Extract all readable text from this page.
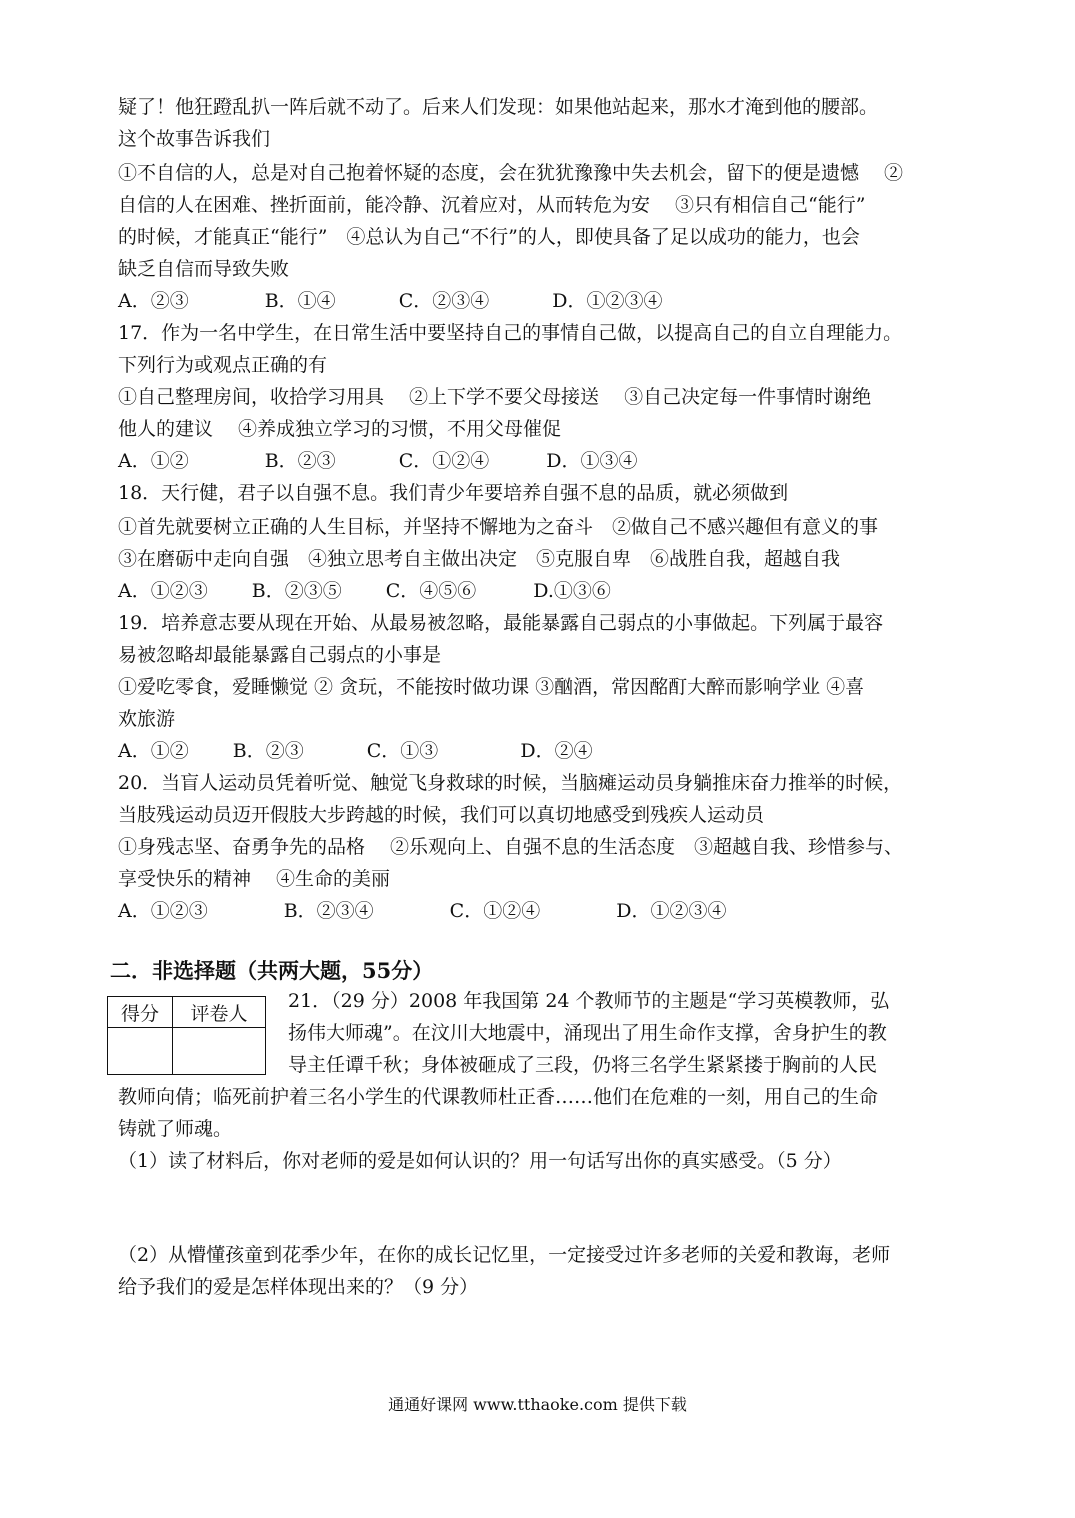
疑了！他狂蹬乱扒一阵后就不动了。后来人们发现：如果他站起来，那水才淹到他的腰部。
这个故事告诉我们
①不自信的人，总是对自己抱着怀疑的态度，会在犹犹豫豫中失去机会，留下的便是遗憾　 ②
自信的人在困难、挫折面前，能冷静、沉着应对，从而转危为安　 ③只有相信自己“能行”
的时候，才能真正“能行”　④总认为自己“不行”的人，即使具备了足以成功的能力，也会
缺乏自信而导致失败
A．②③　　　　B．①④　　　 C．②③④　　　 D．①②③④
17．作为一名中学生，在日常生活中要坚持自己的事情自己做，以提高自己的自立自理能力。
下列行为或观点正确的有
①自己整理房间，收拾学习用具　 ②上下学不要父母接送　 ③自己决定每一件事情时谢绝
他人的建议　 ④养成独立学习的习惯，不用父母催促
A．①②　　　　B．②③　　　 C．①②④　　　D．①③④
18．天行健，君子以自强不息。我们青少年要培养自强不息的品质，就必须做到
①首先就要树立正确的人生目标，并坚持不懈地为之奋斗　②做自己不感兴趣但有意义的事
③在磨砺中走向自强　④独立思考自主做出决定　⑤克服自卑　⑥战胜自我，超越自我
A．①②③　　 B．②③⑤　　 C．④⑤⑥　　　D.①③⑥
19．培养意志要从现在开始、从最易被忽略，最能暴露自己弱点的小事做起。下列属于最容
易被忽略却最能暴露自己弱点的小事是
①爱吃零食，爱睡懒觉 ② 贪玩，不能按时做功课 ③酗酒，常因酩酊大醉而影响学业 ④喜
欢旅游
A．①②　　 B．②③　　　 C．①③　　　　 D．②④
20．当盲人运动员凭着听觉、触觉飞身救球的时候，当脑瘫运动员身躺推床奋力推举的时候，
当肢残运动员迈开假肢大步跨越的时候，我们可以真切地感受到残疾人运动员
①身残志坚、奋勇争先的品格　 ②乐观向上、自强不息的生活态度　③超越自我、珍惜参与、
享受快乐的精神　 ④生命的美丽
A．①②③　　　　B．②③④　　　　C．①②④　　　　D．①②③④
二．非选择题（共两大题，55分）
得分	评卷人

21．（29 分）2008 年我国第 24 个教师节的主题是“学习英模教师，弘
扬伟大师魂”。在汶川大地震中，涌现出了用生命作支撑，舍身护生的教
导主任谭千秋；身体被砸成了三段，仍将三名学生紧紧搂于胸前的人民
教师向倩；临死前护着三名小学生的代课教师杜正香……他们在危难的一刻，用自己的生命
铸就了师魂。
（1）读了材料后，你对老师的爱是如何认识的？用一句话写出你的真实感受。（5 分）
（2）从懵懂孩童到花季少年，在你的成长记忆里，一定接受过许多老师的关爱和教诲，老师
给予我们的爱是怎样体现出来的？（9 分）
通通好课网 www.tthaoke.com 提供下载
